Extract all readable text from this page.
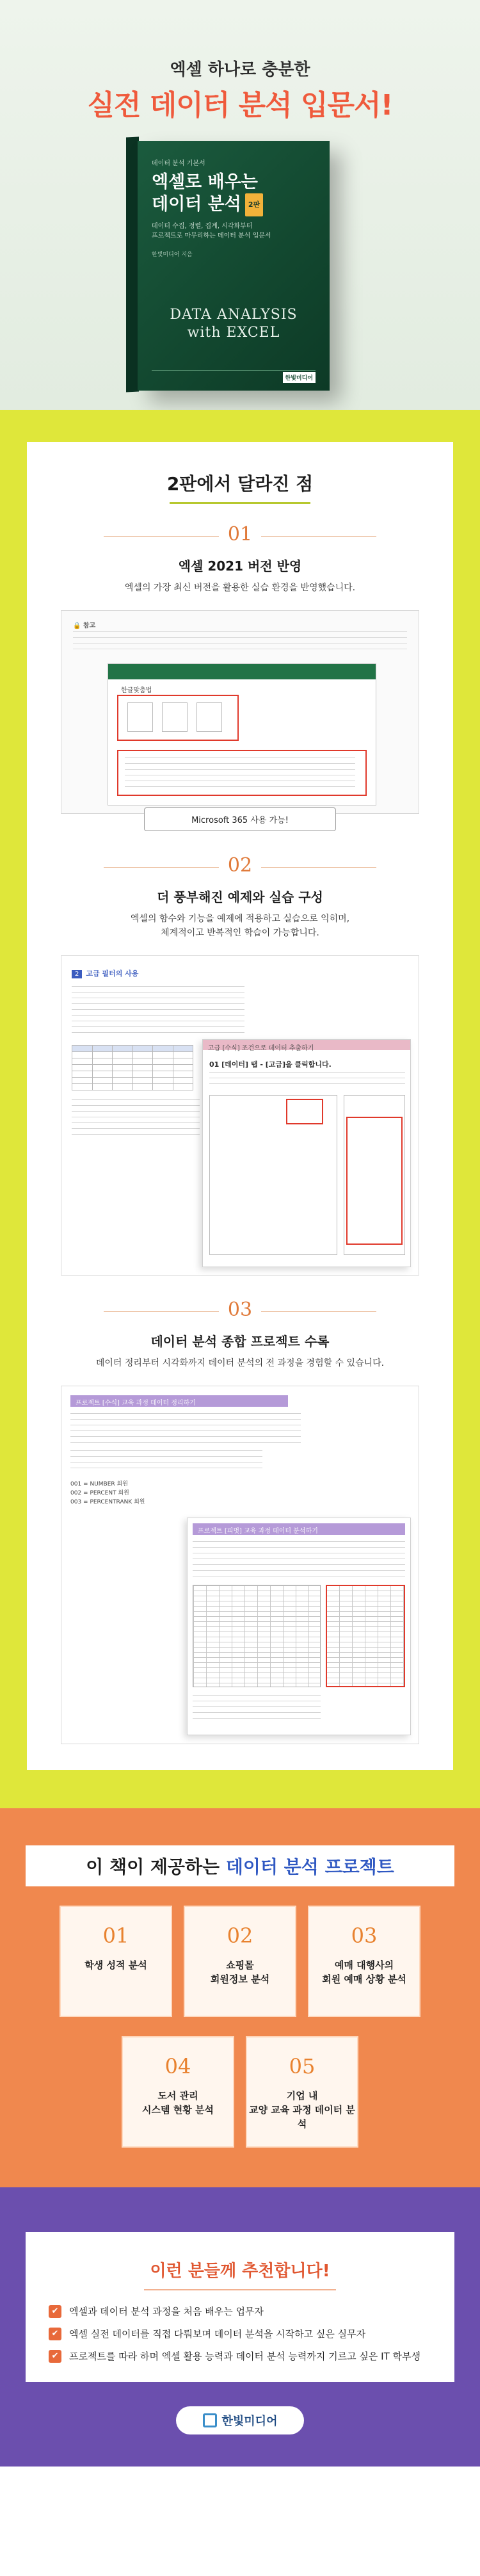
엑셀 하나로 충분한
실전 데이터 분석 입문서!
데이터 분석 기본서
엑셀로 배우는
데이터 분석 2판
데이터 수집, 정렬, 집계, 시각화부터
프로젝트로 마무리하는 데이터 분석 입문서
한빛미디어 지음
DATA ANALYSIS
with EXCEL
한빛미디어
2판에서 달라진 점
01
엑셀 2021 버전 반영
엑셀의 가장 최신 버전을 활용한 실습 환경을 반영했습니다.
🔒 참고
한글맞춤법
Microsoft 365 사용 가능!
02
더 풍부해진 예제와 실습 구성
엑셀의 함수와 기능을 예제에 적용하고 실습으로 익히며,
체계적이고 반복적인 학습이 가능합니다.
2 고급 필터의 사용

고급 [수식] 조건으로 데이터 추출하기
01 [데이터] 탭 - [고급]을 클릭합니다.
03
데이터 분석 종합 프로젝트 수록
데이터 정리부터 시각화까지 데이터 분석의 전 과정을 경험할 수 있습니다.
프로젝트 [수식] 교육 과정 데이터 정리하기
001 = NUMBER 회원
002 = PERCENT 회원
003 = PERCENTRANK 회원
프로젝트 [피벗] 교육 과정 데이터 분석하기
이 책이 제공하는 데이터 분석 프로젝트
01
학생 성적 분석
02
쇼핑몰
회원정보 분석
03
예매 대행사의
회원 예매 상황 분석
04
도서 관리
시스템 현황 분석
05
기업 내
교양 교육 과정 데이터 분석
이런 분들께 추천합니다!
✔	엑셀과 데이터 분석 과정을 처음 배우는 업무자
✔	엑셀 실전 데이터를 직접 다뤄보며 데이터 분석을 시작하고 싶은 실무자
✔	프로젝트를 따라 하며 엑셀 활용 능력과 데이터 분석 능력까지 기르고 싶은 IT 학부생
한빛미디어
